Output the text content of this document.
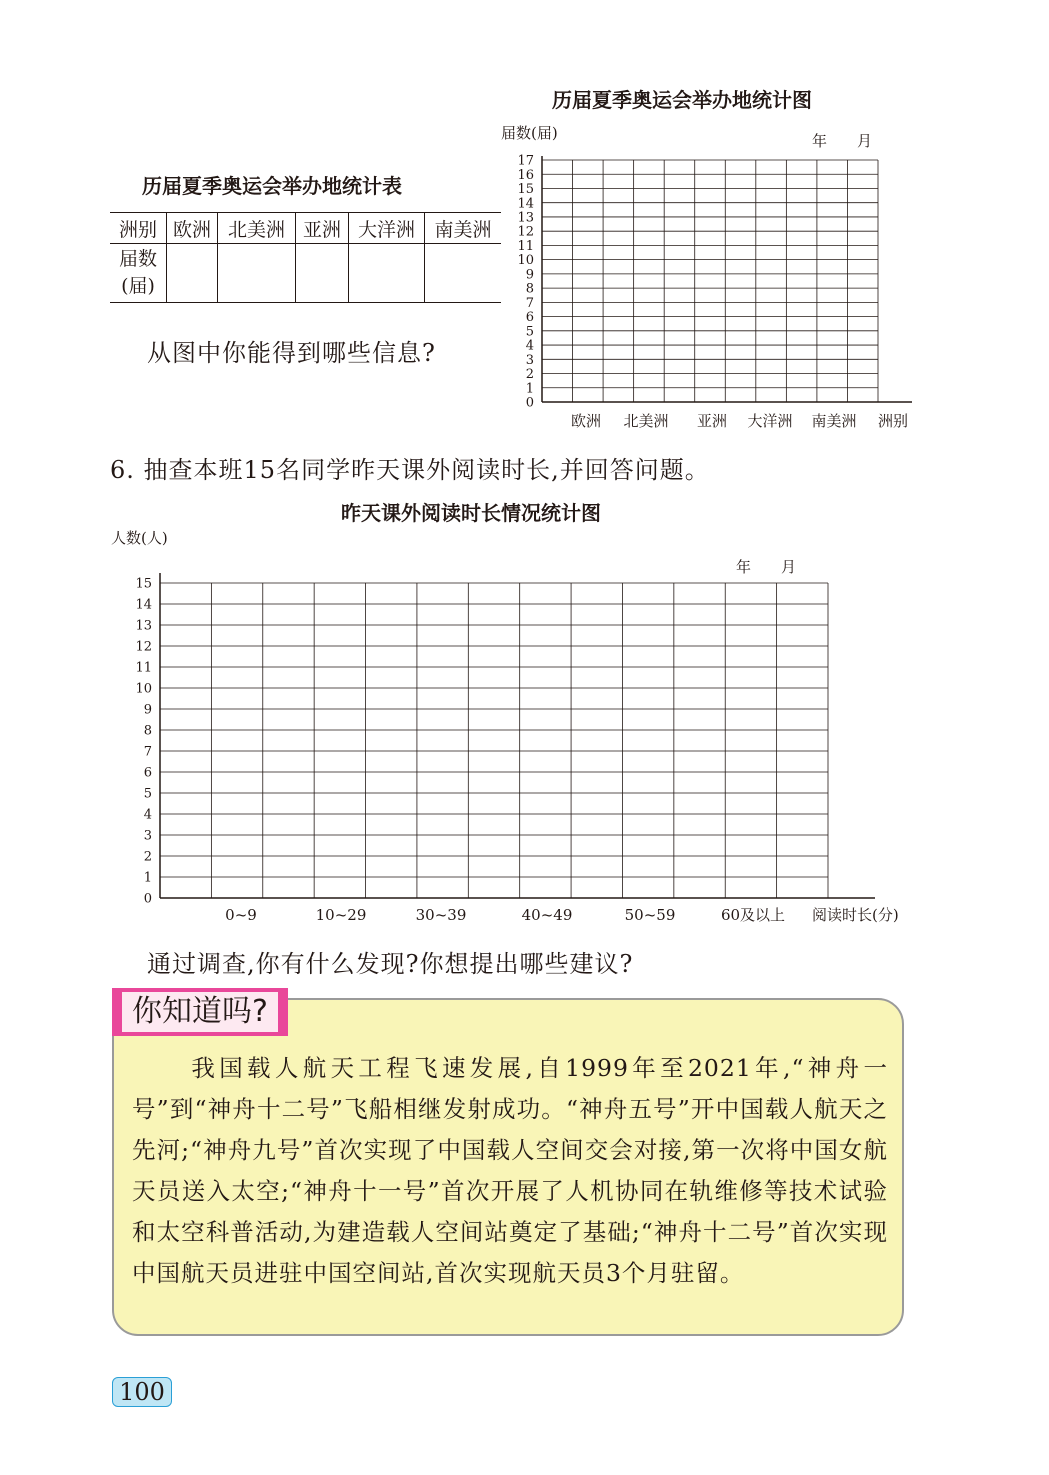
历届夏季奥运会举办地统计表
洲别	欧洲	北美洲	亚洲	大洋洲	南美洲

届数
(届)					

从图中你能得到哪些信息?
历届夏季奥运会举办地统计图
届数(届)	年　　月
0
1
2
3
4
5
6
7
8
9
10
11
12
13
14
15
16
17
欧洲 北美洲 亚洲 大洋洲 南美洲 洲别
6. 抽查本班15名同学昨天课外阅读时长,并回答问题。
昨天课外阅读时长情况统计图
人数(人)
年　　月
0
1
2
3
4
5
6
7
8
9
10
11
12
13
14
15
0~9	10~29	30~39	40~49	50~59	60及以上 阅读时长(分)
通过调查,你有什么发现?你想提出哪些建议?
我国载人航天工程飞速发展,自1999年至2021年,“神舟一号”到“神舟十二号”飞船相继发射成功。“神舟五号”开中国载人航天之先河;“神舟九号”首次实现了中国载人空间交会对接,第一次将中国女航天员送入太空;“神舟十一号”首次开展了人机协同在轨维修等技术试验和太空科普活动,为建造载人空间站奠定了基础;“神舟十二号”首次实现中国航天员进驻中国空间站,首次实现航天员3个月驻留。
你知道吗?
100
